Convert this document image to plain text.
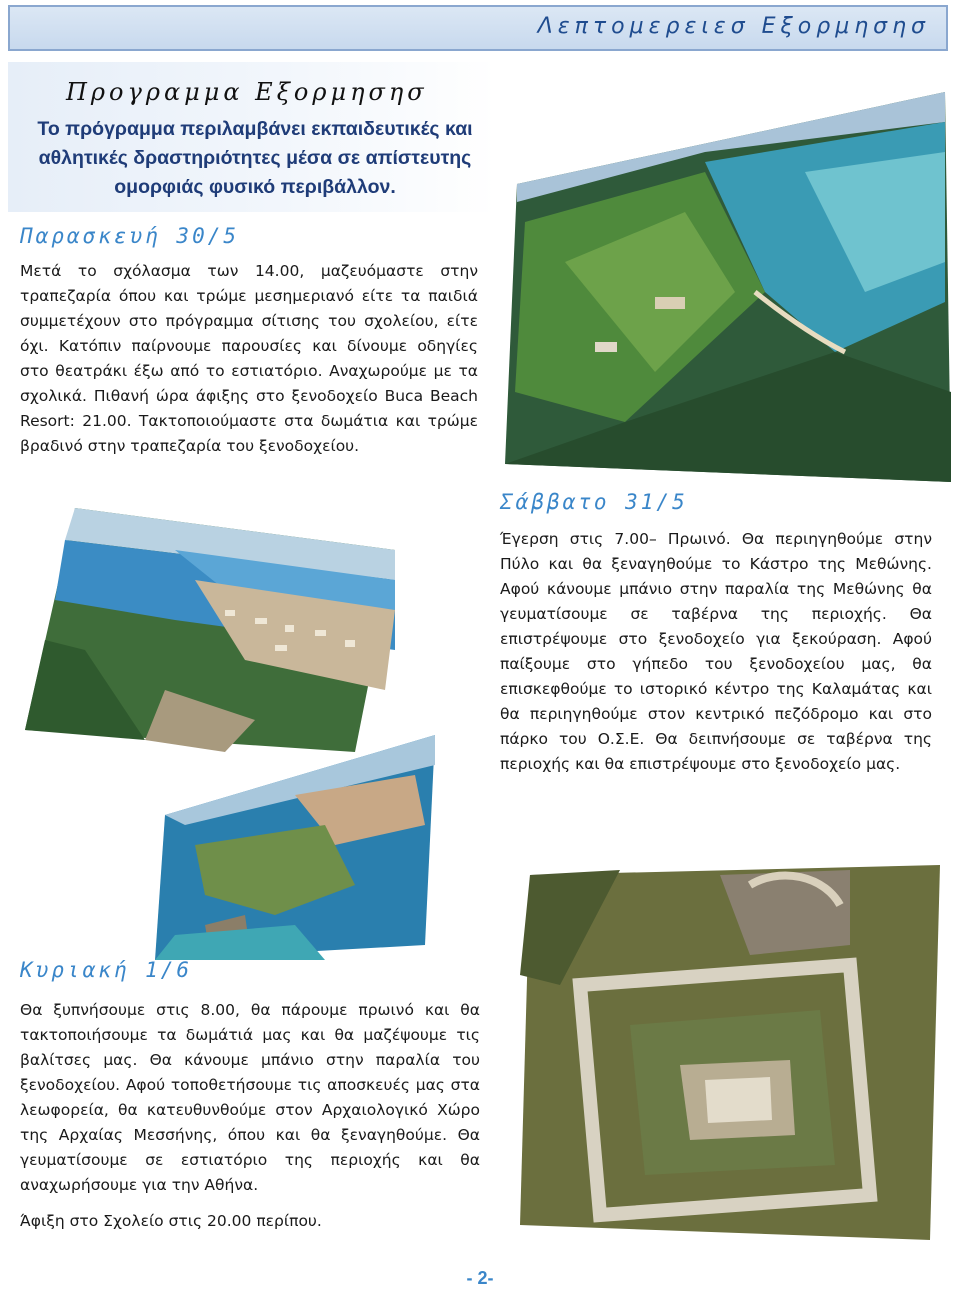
Λεπτομερειεσ Εξορμησησ
Προγραμμα Εξορμησησ
Το πρόγραμμα περιλαμβάνει εκπαιδευτικές και αθλητικές δραστηριότητες μέσα σε απίστευτης ομορφιάς φυσικό περιβάλλον.
Παρασκευή 30/5
Μετά το σχόλασμα των 14.00, μαζευόμαστε στην τραπεζαρία όπου και τρώμε μεσημεριανό είτε τα παιδιά συμμετέχουν στο πρόγραμμα σίτισης του σχολείου, είτε όχι. Κατόπιν παίρνουμε παρουσίες και δίνουμε οδηγίες στο θεατράκι έξω από το εστιατόριο. Αναχωρούμε με τα σχολικά. Πιθανή ώρα άφιξης στο ξενοδοχείο Buca Beach Resort: 21.00. Τακτοποιούμαστε στα δωμάτια και τρώμε βραδινό στην τραπεζαρία του ξενοδοχείου.
Σάββατο 31/5
Έγερση στις 7.00– Πρωινό. Θα περιηγηθούμε στην Πύλο και θα ξεναγηθούμε το Κάστρο της Μεθώνης. Αφού κάνουμε μπάνιο στην παραλία της Μεθώνης θα γευματίσουμε σε ταβέρνα της περιοχής. Θα επιστρέψουμε στο ξενοδοχείο για ξεκούραση. Αφού παίξουμε στο γήπεδο του ξενοδοχείου μας, θα επισκεφθούμε το ιστορικό κέντρο της Καλαμάτας και θα περιηγηθούμε στον κεντρικό πεζόδρομο και στο πάρκο του Ο.Σ.Ε. Θα δειπνήσουμε σε ταβέρνα της περιοχής και θα επιστρέψουμε στο ξενοδοχείο μας.
Κυριακή 1/6
Θα ξυπνήσουμε στις 8.00, θα πάρουμε πρωινό και θα τακτοποιήσουμε τα δωμάτιά μας και θα μαζέψουμε τις βαλίτσες μας. Θα κάνουμε μπάνιο στην παραλία του ξενοδοχείου. Αφού τοποθετήσουμε τις αποσκευές μας στα λεωφορεία, θα κατευθυνθούμε στον Αρχαιολογικό Χώρο της Αρχαίας Μεσσήνης, όπου και θα ξεναγηθούμε. Θα γευματίσουμε σε εστιατόριο της περιοχής και θα αναχωρήσουμε για την Αθήνα.
Άφιξη στο Σχολείο στις 20.00 περίπου.
- 2-
